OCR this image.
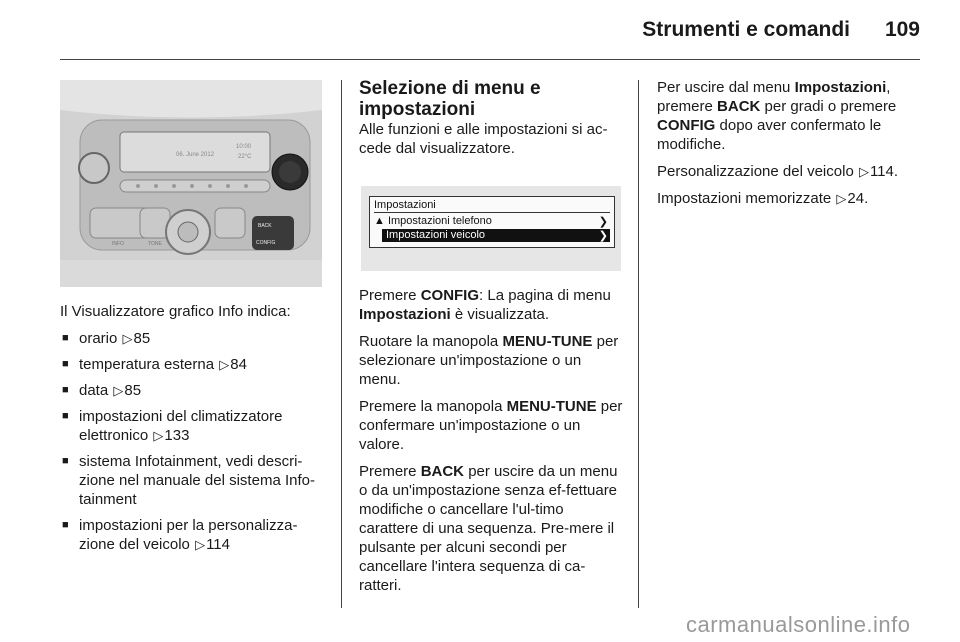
Strumenti e comandi	109
06. June 2012
10:00
22°C
BACK
CONFIG
TONE
INFO

Il Visualizzatore grafico Info indica:

■ orario ▷85
■ temperatura esterna ▷84
■ data ▷85
■ impostazioni del climatizzatore elettronico ▷133
■ sistema Infotainment, vedi descri-zione nel manuale del sistema Info-tainment
■ impostazioni per la personalizza-zione del veicolo ▷114
Selezione di menu e impostazioni

Alle funzioni e alle impostazioni si ac-cede dal visualizzatore.

Impostazioni
▲ Impostazioni telefono	❯
Impostazioni veicolo	❯

Premere CONFIG: La pagina di menu Impostazioni è visualizzata.

Ruotare la manopola MENU-TUNE per selezionare un'impostazione o un menu.

Premere la manopola MENU-TUNE per confermare un'impostazione o un valore.

Premere BACK per uscire da un menu o da un'impostazione senza ef-fettuare modifiche o cancellare l'ul-timo carattere di una sequenza. Pre-mere il pulsante per alcuni secondi per cancellare l'intera sequenza di ca-ratteri.

Per uscire dal menu Impostazioni, premere BACK per gradi o premere CONFIG dopo aver confermato le modifiche.

Personalizzazione del veicolo ▷114.

Impostazioni memorizzate ▷24.

carmanualsonline.info
